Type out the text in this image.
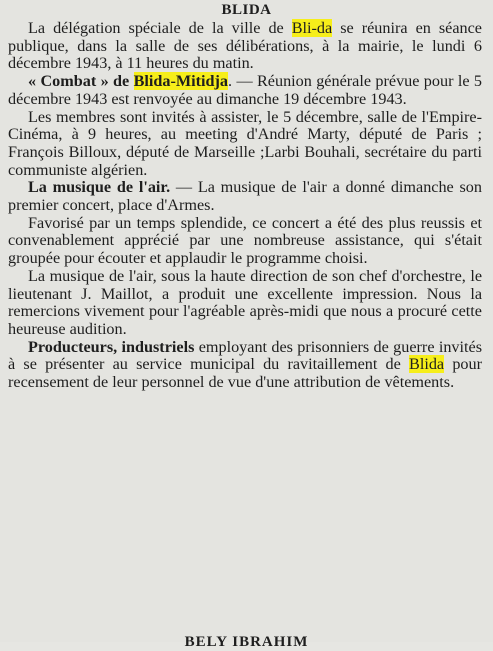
BLIDA

La délégation spéciale de la ville de Bli-da se réunira en séance publique, dans la salle de ses délibérations, à la mairie, le lundi 6 décembre 1943, à 11 heures du matin.

« Combat » de Blida-Mitidja. — Réunion générale prévue pour le 5 décembre 1943 est renvoyée au dimanche 19 décembre 1943.

Les membres sont invités à assister, le 5 décembre, salle de l'Empire-Cinéma, à 9 heures, au meeting d'André Marty, député de Paris ; François Billoux, député de Marseille ;Larbi Bouhali, secrétaire du parti communiste algérien.

La musique de l'air. — La musique de l'air a donné dimanche son premier concert, place d'Armes.

Favorisé par un temps splendide, ce concert a été des plus reussis et convenablement apprécié par une nombreuse assistance, qui s'était groupée pour écouter et applaudir le programme choisi.

La musique de l'air, sous la haute direction de son chef d'orchestre, le lieutenant J. Maillot, a produit une excellente impression. Nous la remercions vivement pour l'agréable après-midi que nous a procuré cette heureuse audition.

Producteurs, industriels employant des prisonniers de guerre invités à se présenter au service municipal du ravitaillement de Blida pour recensement de leur personnel de vue d'une attribution de vêtements.

BELY IBRAHIM
